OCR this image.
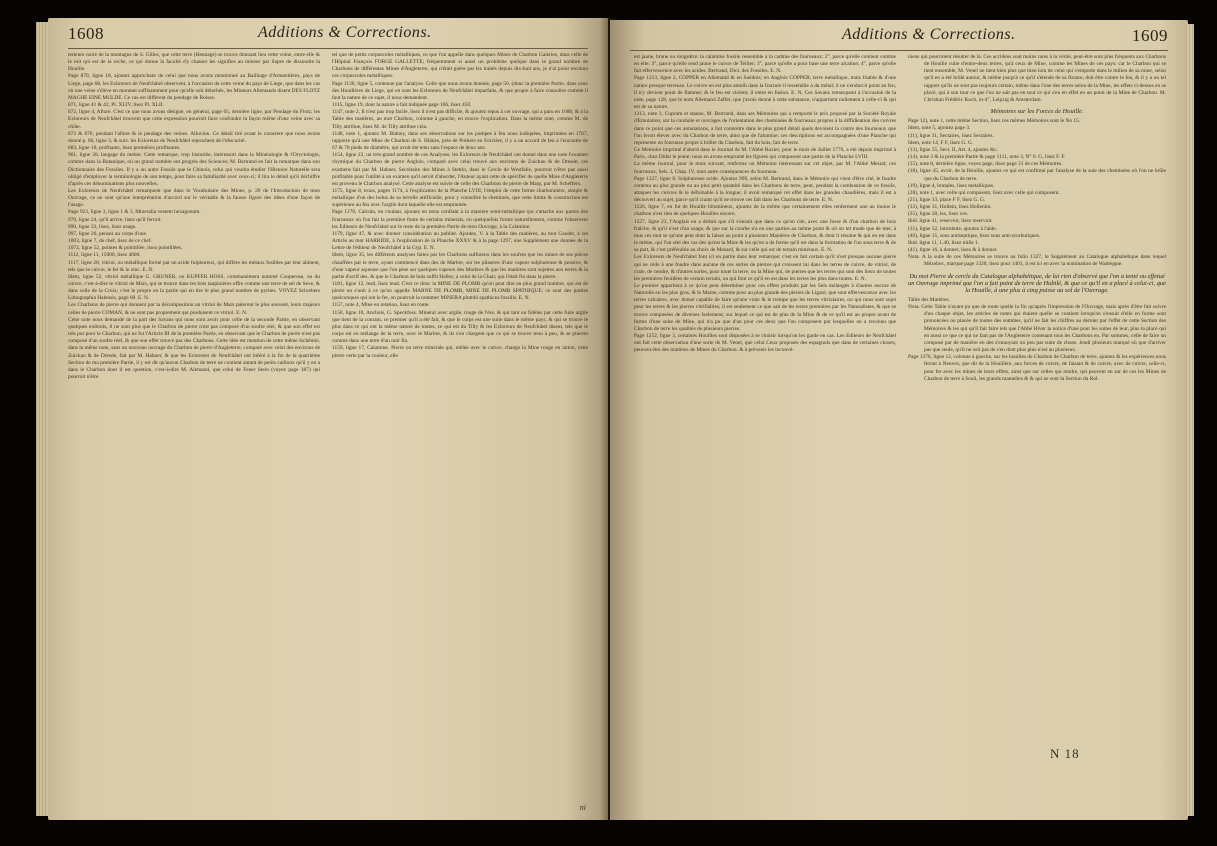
1608	Additions & Corrections.

terieure noire de la montagne de S. Gilles, que cette terre (Hennage) se trouve donnant lieu cette voine, entre elle & le toit qui est de la roche, ce qui donne la faculté d'y chasser les signifies au mineur par Supre de dissoudre la Houille.

Page 870, ligne 18, ajoutez approchant de celui que nous avons mentionné au Bailliage d'Armentières, pays de Liege, page 68, les Exloreurs de Neufchâtel observent, à l'occasion de cette veine du pays de Liege, que dans les cas où une veine s'élève en montant suffisamment pour qu'elle soit détachée, les Mineurs Allemands disent DES FLOTZ MACHE EINE MULDE. Ce cas est différent du pendage de Roisse.

871, ligne 41 & 42, Pl. XLIV, lisez Pl. XLII.

872, ligne 4, Allure. C'est ce que nous avons désigné, en général, page 65, dernière ligne, par Pendage du Flotz; les Exloreurs de Neufchâtel trouvent que cette expression pourroit faire confondre la façon même d'une veine avec sa chûte.

873 & 876, pendant l'allure & le pendage des veines. Alluvion. Ce détail tiré avant le caractere que nous avons donné p. 66, ligne 3, & suiv. les Exloreurs de Neufchâtel reprochent de l'obscurité.

883, ligne 10, profitants, lisez premières profitantes.

901, ligne 28, langage du métier. Cette remarque, trop historiée, intéressoit dans la Minéralogie & l'Oryctologie, comme dans la Botanique, où un grand nombre ont progrès des Sciences; M. Bertrand en fait la remarque dans son Dictionnaire des Fossiles. Il y a un autre Fossile que le Chinois, celui qui voudra étudier l'Histoire Naturelle sera obligé d'employer la terminologie de son temps, pour faire sa familiarité avec ceux-ci; il lira le détail qu'il déchiffre d'après ces dénominations plus nouvelles.

Les Exloreurs de Neufchâtel remarquent que dans le Vocabulaire des Mines, p. 20 de l'Introduction de mon Ouvrage, ce ne sont qu'une interprétation d'accord sur le véritable & la fausse figure des idées d'une façon de l'usage.

Page 923, ligne 3, ligne 1 & 3, Mineralia vestem hexagonum.

970, ligne 24, qu'il arrive, lisez qu'il ferroit.

990, ligne 33, lisez, lisez usage.

997, ligne 26, pensez au corps d'une.

1003, ligne 7, de chef, lisez de ce chef.

1072, ligne 52, pointes & pointillée, lisez pointillées.

1112, ligne 11, 15000, lisez 4000.

1117, ligne 28, vitriol, ou métallique formé par un acide fulphureux, qui diffère les métaux fusibles par leur aliment, tels que le cuivre, le fer & le zinc. E. N.

Idem, ligne 52, vitriol métallique G. GRUNER, ou KUPFER HOSS, communément nommé Couperose, ou du cuivre, c'est-à-dire le vitriol de Mars, qui se trouve dans les bois taupinières offre comme une terre de sel de Seve, & dans celle de la Croix; c'est le propre en la partie qui en tire le plus grand nombre de pyrites. VOYEZ Schrebers Lithographia Halensis, page 60. E. N.

Les Charbons de pierre qui donnent par la décomposition un vitriol de Mars paleront le plus souvent, leurs majeurs celles de pierre COMAN, & ne sont pas proprement qui produisent ce vitriol. E. N.

Cette note nous demandé de la part des Savans qui nous sont avoir pour celle de la seconde Partie, en observant quelques endroits, il ne sont plus que le Charbon de pierre n'est pas composé d'un soufre réel, & que son effet est très pur pour le Charbon, qui ne fut l'Article III de la première Partie, en observant que le Charbon de pierre n'est pas composé d'un soufre réel, & que son effet trouve pas des Charbons. Cette idée est mention de cette même Ischêmie, dans la même note, sans un nouveau ouvrage du Charbon de pierre d'Angleterre, comparé avec celui des environs de Zuickau & de Dresde, fait par M. Hahner, & que les Exloreurs de Neufchâtel ont inféré à la fin de la quatrième Section de ma première Partie, il y est dit qu'aucun Charbon de terre ne contient autant de petits cailloux qu'il y en a dans le Charbon dont il est question, c'est-à-dire M. Alemand, que celui de Feuer Stein (voyez page 187) qui pourroit n'être

tel que de petits corpuscules métalliques, ce que l'on appelle dans quelques Mines de Charbon Galeries, dans celle de l'Hôpital François FORGE GALLETTE; fréquemment si aussi un problème quelque dans le grand nombre de Charbons de différentes Mines d'Angleterre, qui n'était guère par les traités depuis dix-huit ans, je n'ai point reconnu ces corpuscules métalliques.

Page 1120, ligne 5, contenue par l'analyse. Celle que nous avons donnée, page 50, (donc la première Partie, dans ceux des Houillères de Liege, qui en sont les Exloreurs de Neufchâtel imparfaits, & que propre à faire connoître comme il faut la nature de ce sujet, il nous demandent.

1115, ligne 19, dont la nature a fait indiquée page 166, lisez 450.

1147, note 2, Il n'est pas trop facile, lisez il n'est pas difficile, & ajoutez repos à cet ouvrage, qui a paru en 1688, & à la Table des matières, au mot Charbon, colonne à gauche, en trouve l'explication. Dans la même note, comme M. de Tilly attribue, lisez M. de Tilly attribue cela.

1148, note 1, ajoutez M. Bidney, dans ses observations sur les pompes à feu nous indiquées, imprimées en 1767, rapporte qu'à une Mine de Charbon de S. Hilaire, près de Poitiers en Forcière, il y a un accord de feu à l'encontre de 67 & 78 pieds de diamètre, qui avoit été tenu sans l'espace de deux ans.

1154, ligne 23, un très-grand nombre de ces Analyses; les Exloreurs de Neufchâtel ont donné dans une note l'examen chymique du Charbon de pierre Anglois, comparé avec celui trouvé aux environs de Zuickau & de Dresde; ces examens fait par M. Hahner, Secrétaire des Mines à Stettin, dans le Cercle de Westfalie, pourroit n'être pas aussi profitable pour l'utilité à un examen qu'il seroit d'aborder, l'Auteur ayant cette de spécifier de quelle Mine d'Angleterre est provenu le Charbon analysé. Cette analyse est suivie de celle des Charbons de pierre de Marp, par M. Scheffers.

1175, ligne 8, trous, pages 1174, à l'explication de la Planche LVIII, l'emploi de cette forme charbonnière, simple & métallique d'un des bolus de sa terrelle artificielle, pour y connoître la cheminée, que cette limite & construction est supérieure au feu avec l'argile dont laquelle elle est empruntée.

Page 1170, Calcula, en coulant, ajoutez en nous confiant à la maniere semi-métallique qui s'attache aux parois des fourneaux où l'on fait la première fonte de certains minerais, ou quelquefois formé naturellement, comme l'observent les Editeurs de Neufchâtel sur le reste de la première Partie de mon Ouvrage, à la Calamine.

1179, ligne 47, & avec donner considération au publier. Ajoutez, V. à la Table des matières, au mot Gaudet, à cet Article au mot HARRIDE, à l'explication de la Planche XXXV & à la page 1297, une Supplément une donnée de la Lettre de l'éditeur de Neufchâtel à la Gyp. E. N.

Idem, ligne 35, les différents analyses faites par les Charbons sulfureux dans les soufres que les mines de ses pièces chauffées par le terre, ayant commencé dans des de Marbre, sur les pilastres d'une vapeur sulphureuse & pensive, & d'une vapeur aqueuse que l'on pèse sur quelques vapeurs des Marbres & que les matières sont sujettes aux terres & la partie d'actif des, & que le Charbon de bois suffit Halley, à celui de la Chair, qui l'était fin dans la pierre.

1181, ligne 12, lead, lisez lead. C'est ce donc la MINE DE PLOMB qu'on peut dire au plus grand nombre, qui est de pierre en s'unit à ce qu'on appelle MARNE DE PLOMB, MINE DE PLOMB SPATHIQUE; ce sont des parties quelconques qui ont le fer, on pourroit la nommer MINERA plumbi spathicea fossilis. E. N.

1157, note 4, Mine en relation, lisez en route.

1158, ligne 10, Anchois, G. Speckfoss. Minéral avec argile, rouge de l'ère, & qui tant ou fidéles par cette fuite argile que tient de la courant, ce premier qu'il a été fait, & que le corps est une suite dans le même pays, & qui se trouve le plus dans ce qui ont la même nature de toutes, ce qui est du Tilly & les Exloreurs de Neufchâtel disent, tels que le corps est en mélange de la terre, avec le Marbre, & ils s'en chargent que ce qui se trouve tenu à peu, & se placent comme dans une terre d'un noir fin.

1159, ligne 17, Calamine. Pierre ou terre minérale qui, mêlée avec le cuivre, change la Mine rouge en laiton, cette pierre verte par la couleur, elle

ni
Additions & Corrections.	1609

est jaune, brune ou rougeâtre: la calamine fossile ressemble à la cadmie des fourneaux; 2°, parce qu'elle contient comme en elle; 3°, parce qu'elle rend jaune le cuivre de Tellier; 3°, parce qu'elle a pour base une terre alcaline; 4°, parce qu'elle fait effervescence avec les acides. Bertrand, Dict. des Fossiles. E. N.

Page 1213, ligne 2, COPPER en Allemand & en Suédois; en Anglois COPPER; terre métallique, mais friable & d'une nature presque terreuse. Le cuivre en est plus amolli dans la fracture il ressemble à du métal; il ne s'endurcit point au feu, il n'y devient point de flamme; & le feu est violent, il entre en fusion. E. N. Ces Savans remarquent à l'occasion de la note, page 128, que le nom Allemand Zaffer, que j'avois donné à cette substance, n'appartient nullement à celle-ci & qui est de sa nature.

1213, note 2, Cuprum et stanne, M. Bertrand, dans ses Mémoires qui a remporté le prix proposé par la Société Royale d'Emulation, sur la conduite et ouvrages de l'orientation des cheminées & fourneaux propres à la diffidieation des cuivres dans ce point que ces annotations, a fait connoitre dans le plus grand détail quels devoient la contre des fourneaux que l'on feroit élever avec du Charbon de terre, ainsi que de l'alumine; ces descriptions est accompagnées d'une Planche qui représente un fourneau propre à brûler du Charbon, fait du bois, fait de terre.

Ce Mémoire imprimé d'abord dans le Journal de M. l'Abbé Rozier, pour le mois de Juillet 1776, a été depuis imprimé à Paris, chez Didot le jeune; nous en avons emprunté les figures qui composent une partie de la Planche LVIII.

La même Journal, pour le mois suivant, renferme un Mémoire intéressant sur cet objet, par M. l'Abbé Mesral; ces fourneaux, Sels. I, Chap. IV, mon autre conséquences du fourneau.

Page 1227, ligne 8, Sulphureuse acide. Ajoutez 999, selon M. Bertrand, dans le Mémoire qui vient d'être cité, le foudre contenu au plus grande ou au plus petit quantité dans les Charbons de terre, peut, pendant la combustion de ce fossile, attaquer les cuivres & le défoinable à la longue; il avoit remarqué cet effet dans les grandes chaudières, mais il est à découvert au sujet, parce qu'il craint qu'il ne trouve ces fait dans les Charbons de terre. E. N.

1226, ligne 7, en fut de Houille bitumineux, ajoutez de la même que certainement elles renferment une au moins le charbon n'est rien de quelques Houilles encore.

1227, ligne 23, l'Anglais en a déduit que s'il s'ensuit que dans ce qu'on cite, avec une fosse & d'un charbon de bois fraîche, & qu'il n'est d'un usage, & que sur la courbe n'a eu une parties au même point & où un tel mode que de mer, à tous ces tout se qu'une peut dont la laisse au point à plusieurs Manières de Charbon, & dont il résume & qui en est dans le même, qui l'un réel des cas des qu'est la Mine & les qu'on a de forme qu'il est dans la formation de l'un sous terre & de sa part, & c'est préférable au choix de Mezard, & sur celle qui est de terrain minéraux. E. N.

Les Exloreurs de Neufchâtel font ici en partie dans leur remarque; c'est en fait certain qu'il n'est presque aucune pierre qui ne cède à une foudre dans aucune de ces sortes de pierres qui croissent lui dans les terres de cuivre, de vitriol, de craie, de cendre, & d'autres sortes, pour toute la terre, ou la Mine qui, de pierres que les terres qui sont des lieux de toutes les premières feuillées de certain terrain, ou qui font ce qu'il en est dans les terres les plus dans toutes. E. N.

Le premier appartient à ce qu'on peut déterminer pour ces effets produits par les Sels mélangés à d'autres encore de Naturelle en les plus gros, & le Marne, comme pour au plus grande des pierres de Ligaré, que sont effervescence avec les terres calcaires, avec donné capable de faire qu'une vraie & le trempe que les terres vitriolaires, ou qui nous sont sujet pour les terres & les pierres vitrifiables; il est seulement ce que sait de les terres premières par les Naturalistes, & que se trouve composées de diverses Isolement; sur lequel ce qui est de plus de la Mine & de ce qu'il est au propre avant de forme d'une suite de Mine, qui n'a pu que d'un pour ces deux que l'on composent par lesquelles on a reconnu que Charbon de terre les qualités de plusieurs pierres.

Page 1252, ligne 3, certaines Houilles sont disposées à se choisir lorsqu'on les garde en cas. Les Editeurs de Neufchâtel ont fait cette observation d'une sorte de M. Venel, que celui Ceux proposés des espagnols que dans de certaines choses, peuvent être des matières de Mines du Charbon. & à prévenir les inconvé-

niens qui pourroient résulter de là. Ces accidens sont moins rares à la vérité, peut-être sont plus fréquents aux Charbons de Houille cuite d'entre-deux terres, qu'à ceux de Mine, comme les Mines de ces pays: car le Charbon qui se tient ensemble, M. Venel ne tient bien plus que bien loin de celui qui s'emporte dans le milieu de sa mine, selon qu'il en a été brûlé autour, & même jusqu'à ce qu'il s'étende de sa fissure, doit être contre le feu, & il y a un tel rapport qu'ils ne sont pas toujours certain, même dans l'une des terres selon de la Mine, les effets ci-dessus en se placé, qui à son tour ce que l'on ne sait pas en tout ce qui s'en en effet en un point de la Mine de Charbon. M. Christian Frédéric Koch, in-4°, Leipzig & Amsterdam.

Mémoires sur les Forces de Houille.

Page 12), note 1, cette même Section, lisez ces mêmes Mémoires sont le No 15.

Idem, note 5, ajoutez page 3.

(11), ligne 31, Sectaires, lisez Sectaires.

Idem, note 14, F F, lisez G. G.

(13), ligne 35, Sect. II, Art. 4, ajoutez &c.

(14), note 3 & la première Partie & page 1111, note 3, N° 6. G, lisez F. F.

(15), note 8, dernière ligne, voyez page, lisez page 31 de ces Mémoires.

(18), ligne 45, avoir, de la Houille, ajoutez ce qui est confirmé par l'analyse de la suie des cheminées où l'on ne brûle que du Charbon de terre.

(19), ligne 4, brutales, lisez métalliques.

(28), note 1, avec celle qui composent, lisez avec celle qui composent.

(21), ligne 33, place F F, lisez G. G.

(33), ligne 31, Hollein, lisez Hollenim.

(35), ligne 28, les, lisez ces.

Ibid. ligne 41, reservoir, lisez reservoir.

(31), ligne 32, introduite, ajoutez à l'aide.

(40), ligne 15, sous antiseptique, lisez sous anti-scorbutiques.

Ibid. ligne 11, 1.40, lisez mille 1.

(41), ligne 16, à donner, lisez & à donner.

Nota. A la suite de ces Mémoires se trouve au folio 1327, le Supplément au Catalogue alphabétique dans lequel Mézelrec, marqué page 1328, lisez pour 1401, il est ici en avec la nomination de Wadéqqne.

Du mot Pierre de cercle du Catalogue alphabétique, de lui rien d'observé que l'on a tenté ou effetué un Ouvrage imprimé que l'on a fait point de terre de Hubilé, & que ce qu'il en a placé à celui-ci, que la Houille, à une plus à cinq puisse au sol de l'Ouvrage.

Table des Matières.

Nota. Cette Table n'ayant pu que de toute quelle la fin qu'après l'impression de l'Ouvrage, mais après d'être fait suivre d'un chaque objet, les articles de notes qui étaient quelle se contient lorsqu'on s'ensuit d'elle en forme sont prononcées ou placée de toutes des sommes, qu'il ne fait les chiffres au dernier par l'effet de cette Section des Mémoires & les qui qu'il fait faire tels que l'Abbé Hiver la notice d'une pour les suites de leur, plus la placé qui en aussi ce que ce qui ne faut pas de l'Angleterre contenant tous les Charbons en. Par sommes, celle de faire un composé par de manière en des s'ennuyant un peu par suite de chose. Jeudi plusieurs marqué où que d'arriver pas que seule, qu'il ne soit pas de s'en dont plus plus n'est au plusieurs.

Page 1370, ligne 12, colonne à gauche, sur les houilles de Charbon de Charbon de terre, ajoutez & les expériences nous feront à Neuves, que dit de la Houillère, aux forces de cuivre, de faisant & de cuivre, avec de cuivre, celle-ci, pour fer avec les mines de leurs effets, ainsi que sur celles qui rendre, qui peuvent en sur de ces les Mines de Charbon de terre à Seuil, les grands mamelles & & qui ne sont la Section du Rol.

N 18
